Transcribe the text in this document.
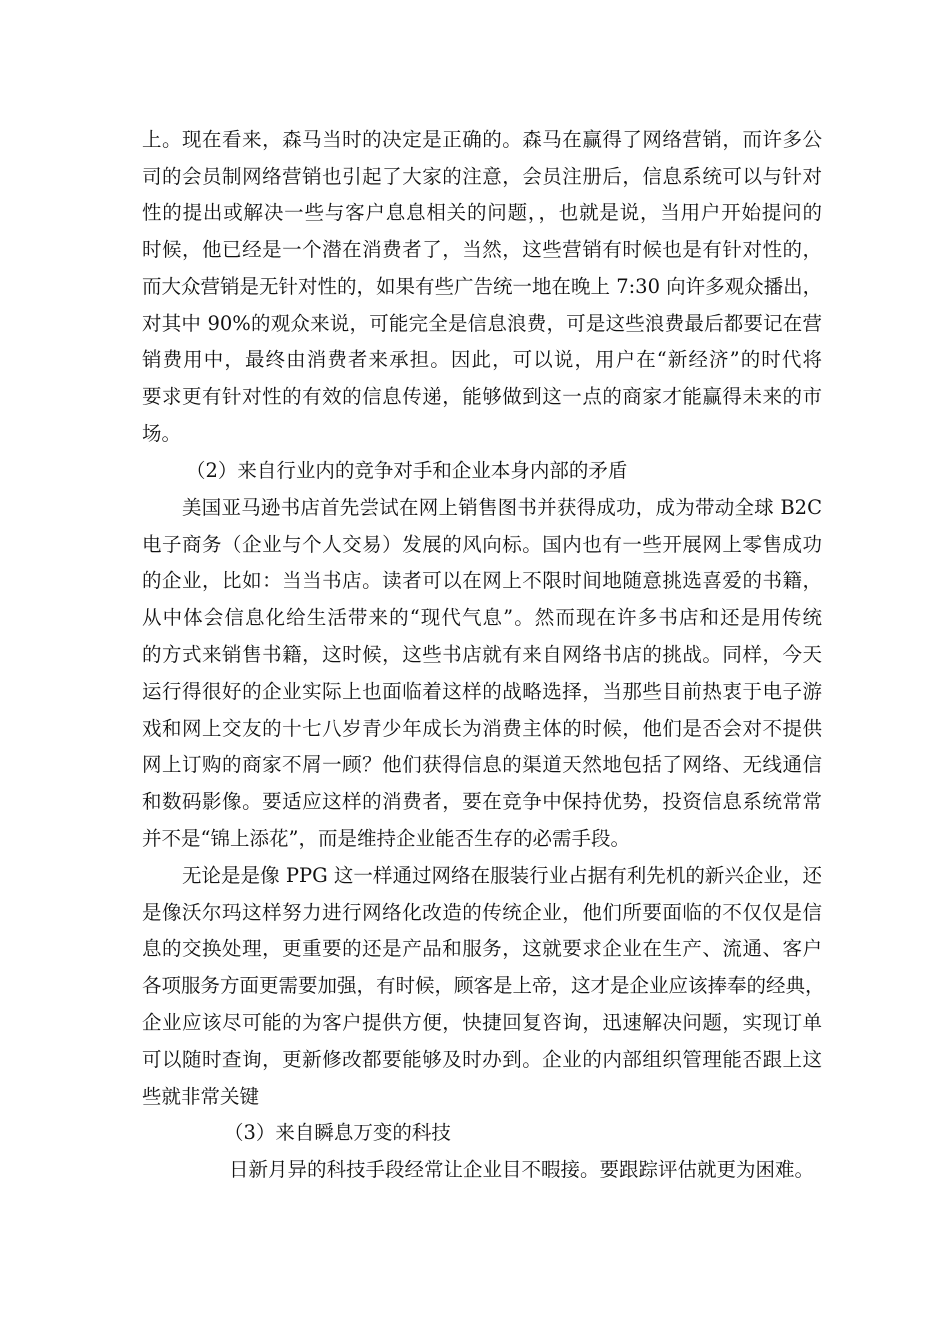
上。现在看来，森马当时的决定是正确的。森马在赢得了网络营销，而许多公
司的会员制网络营销也引起了大家的注意，会员注册后，信息系统可以与针对
性的提出或解决一些与客户息息相关的问题，，也就是说，当用户开始提问的
时候，他已经是一个潜在消费者了，当然，这些营销有时候也是有针对性的，
而大众营销是无针对性的，如果有些广告统一地在晚上 7:30 向许多观众播出，
对其中 90%的观众来说，可能完全是信息浪费，可是这些浪费最后都要记在营
销费用中，最终由消费者来承担。因此，可以说，用户在“新经济”的时代将
要求更有针对性的有效的信息传递，能够做到这一点的商家才能赢得未来的市
场。
（2）来自行业内的竞争对手和企业本身内部的矛盾
美国亚马逊书店首先尝试在网上销售图书并获得成功，成为带动全球 B2C
电子商务（企业与个人交易）发展的风向标。国内也有一些开展网上零售成功
的企业，比如：当当书店。读者可以在网上不限时间地随意挑选喜爱的书籍，
从中体会信息化给生活带来的“现代气息”。然而现在许多书店和还是用传统
的方式来销售书籍，这时候，这些书店就有来自网络书店的挑战。同样，今天
运行得很好的企业实际上也面临着这样的战略选择，当那些目前热衷于电子游
戏和网上交友的十七八岁青少年成长为消费主体的时候，他们是否会对不提供
网上订购的商家不屑一顾？他们获得信息的渠道天然地包括了网络、无线通信
和数码影像。要适应这样的消费者，要在竞争中保持优势，投资信息系统常常
并不是“锦上添花”，而是维持企业能否生存的必需手段。
无论是是像 PPG 这一样通过网络在服装行业占据有利先机的新兴企业，还
是像沃尔玛这样努力进行网络化改造的传统企业，他们所要面临的不仅仅是信
息的交换处理，更重要的还是产品和服务，这就要求企业在生产、流通、客户
各项服务方面更需要加强，有时候，顾客是上帝，这才是企业应该捧奉的经典，
企业应该尽可能的为客户提供方便，快捷回复咨询，迅速解决问题，实现订单
可以随时查询，更新修改都要能够及时办到。企业的内部组织管理能否跟上这
些就非常关键
（3）来自瞬息万变的科技
日新月异的科技手段经常让企业目不暇接。要跟踪评估就更为困难。
